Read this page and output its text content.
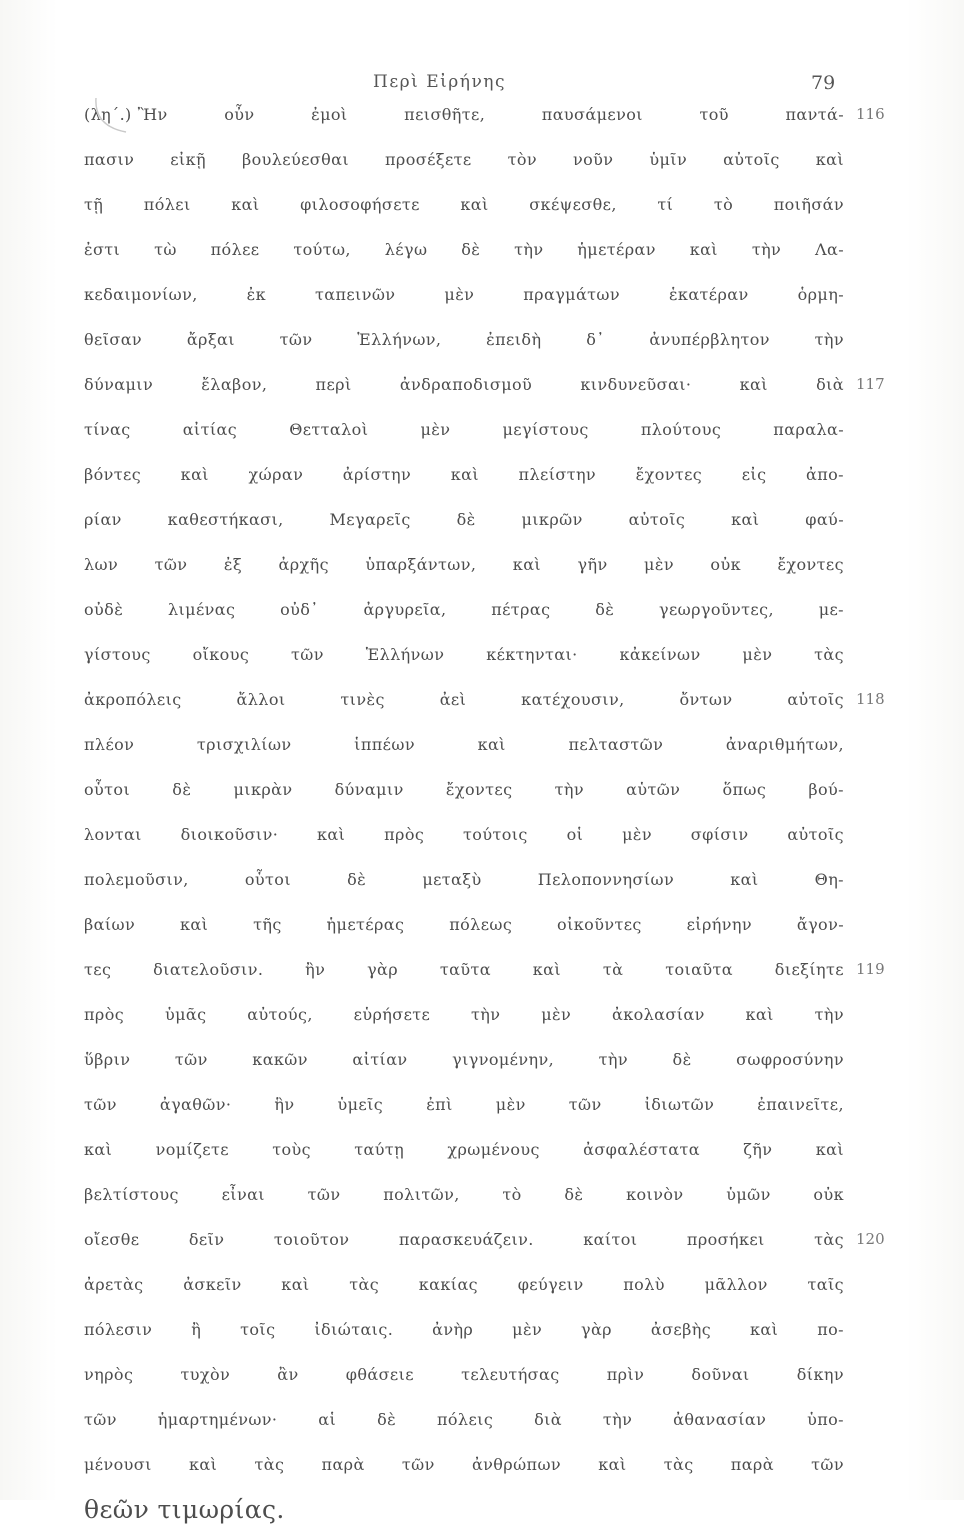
Περὶ Εἰρήνης	79
(λη΄.) Ἢν οὖν ἐμοὶ πεισθῆτε, παυσάμενοι τοῦ παντά- 116
πασιν εἰκῇ βουλεύεσθαι προσέξετε τὸν νοῦν ὑμῖν αὐτοῖς καὶ
τῇ πόλει καὶ φιλοσοφήσετε καὶ σκέψεσθε, τί τὸ ποιῆσάν
ἐστι τὼ πόλεε τούτω, λέγω δὲ τὴν ἡμετέραν καὶ τὴν Λα-
κεδαιμονίων, ἐκ ταπεινῶν μὲν πραγμάτων ἑκατέραν ὁρμη-
θεῖσαν ἄρξαι τῶν Ἑλλήνων, ἐπειδὴ δ᾽ ἀνυπέρβλητον τὴν
δύναμιν ἔλαβον, περὶ ἀνδραποδισμοῦ κινδυνεῦσαι· καὶ διὰ 117
τίνας αἰτίας Θετταλοὶ μὲν μεγίστους πλούτους παραλα-
βόντες καὶ χώραν ἀρίστην καὶ πλείστην ἔχοντες εἰς ἀπο-
ρίαν καθεστήκασι, Μεγαρεῖς δὲ μικρῶν αὐτοῖς καὶ φαύ-
λων τῶν ἐξ ἀρχῆς ὑπαρξάντων, καὶ γῆν μὲν οὐκ ἔχοντες
οὐδὲ λιμένας οὐδ᾽ ἀργυρεῖα, πέτρας δὲ γεωργοῦντες, με-
γίστους οἴκους τῶν Ἑλλήνων κέκτηνται· κἀκείνων μὲν τὰς
ἀκροπόλεις ἄλλοι τινὲς ἀεὶ κατέχουσιν, ὄντων αὐτοῖς 118
πλέον τρισχιλίων ἱππέων καὶ πελταστῶν ἀναριθμήτων,
οὗτοι δὲ μικρὰν δύναμιν ἔχοντες τὴν αὑτῶν ὅπως βού-
λονται διοικοῦσιν· καὶ πρὸς τούτοις οἱ μὲν σφίσιν αὐτοῖς
πολεμοῦσιν, οὗτοι δὲ μεταξὺ Πελοποννησίων καὶ Θη-
βαίων καὶ τῆς ἡμετέρας πόλεως οἰκοῦντες εἰρήνην ἄγον-
τες διατελοῦσιν. ἢν γὰρ ταῦτα καὶ τὰ τοιαῦτα διεξίητε 119
πρὸς ὑμᾶς αὐτούς, εὑρήσετε τὴν μὲν ἀκολασίαν καὶ τὴν
ὕβριν τῶν κακῶν αἰτίαν γιγνομένην, τὴν δὲ σωφροσύνην
τῶν ἀγαθῶν· ἣν ὑμεῖς ἐπὶ μὲν τῶν ἰδιωτῶν ἐπαινεῖτε,
καὶ νομίζετε τοὺς ταύτῃ χρωμένους ἀσφαλέστατα ζῆν καὶ
βελτίστους εἶναι τῶν πολιτῶν, τὸ δὲ κοινὸν ὑμῶν οὐκ
οἴεσθε δεῖν τοιοῦτον παρασκευάζειν. καίτοι προσήκει τὰς 120
ἀρετὰς ἀσκεῖν καὶ τὰς κακίας φεύγειν πολὺ μᾶλλον ταῖς
πόλεσιν ἢ τοῖς ἰδιώταις. ἀνὴρ μὲν γὰρ ἀσεβὴς καὶ πο-
νηρὸς τυχὸν ἂν φθάσειε τελευτήσας πρὶν δοῦναι δίκην
τῶν ἡμαρτημένων· αἱ δὲ πόλεις διὰ τὴν ἀθανασίαν ὑπο-
μένουσι καὶ τὰς παρὰ τῶν ἀνθρώπων καὶ τὰς παρὰ τῶν
θεῶν τιμωρίας.
